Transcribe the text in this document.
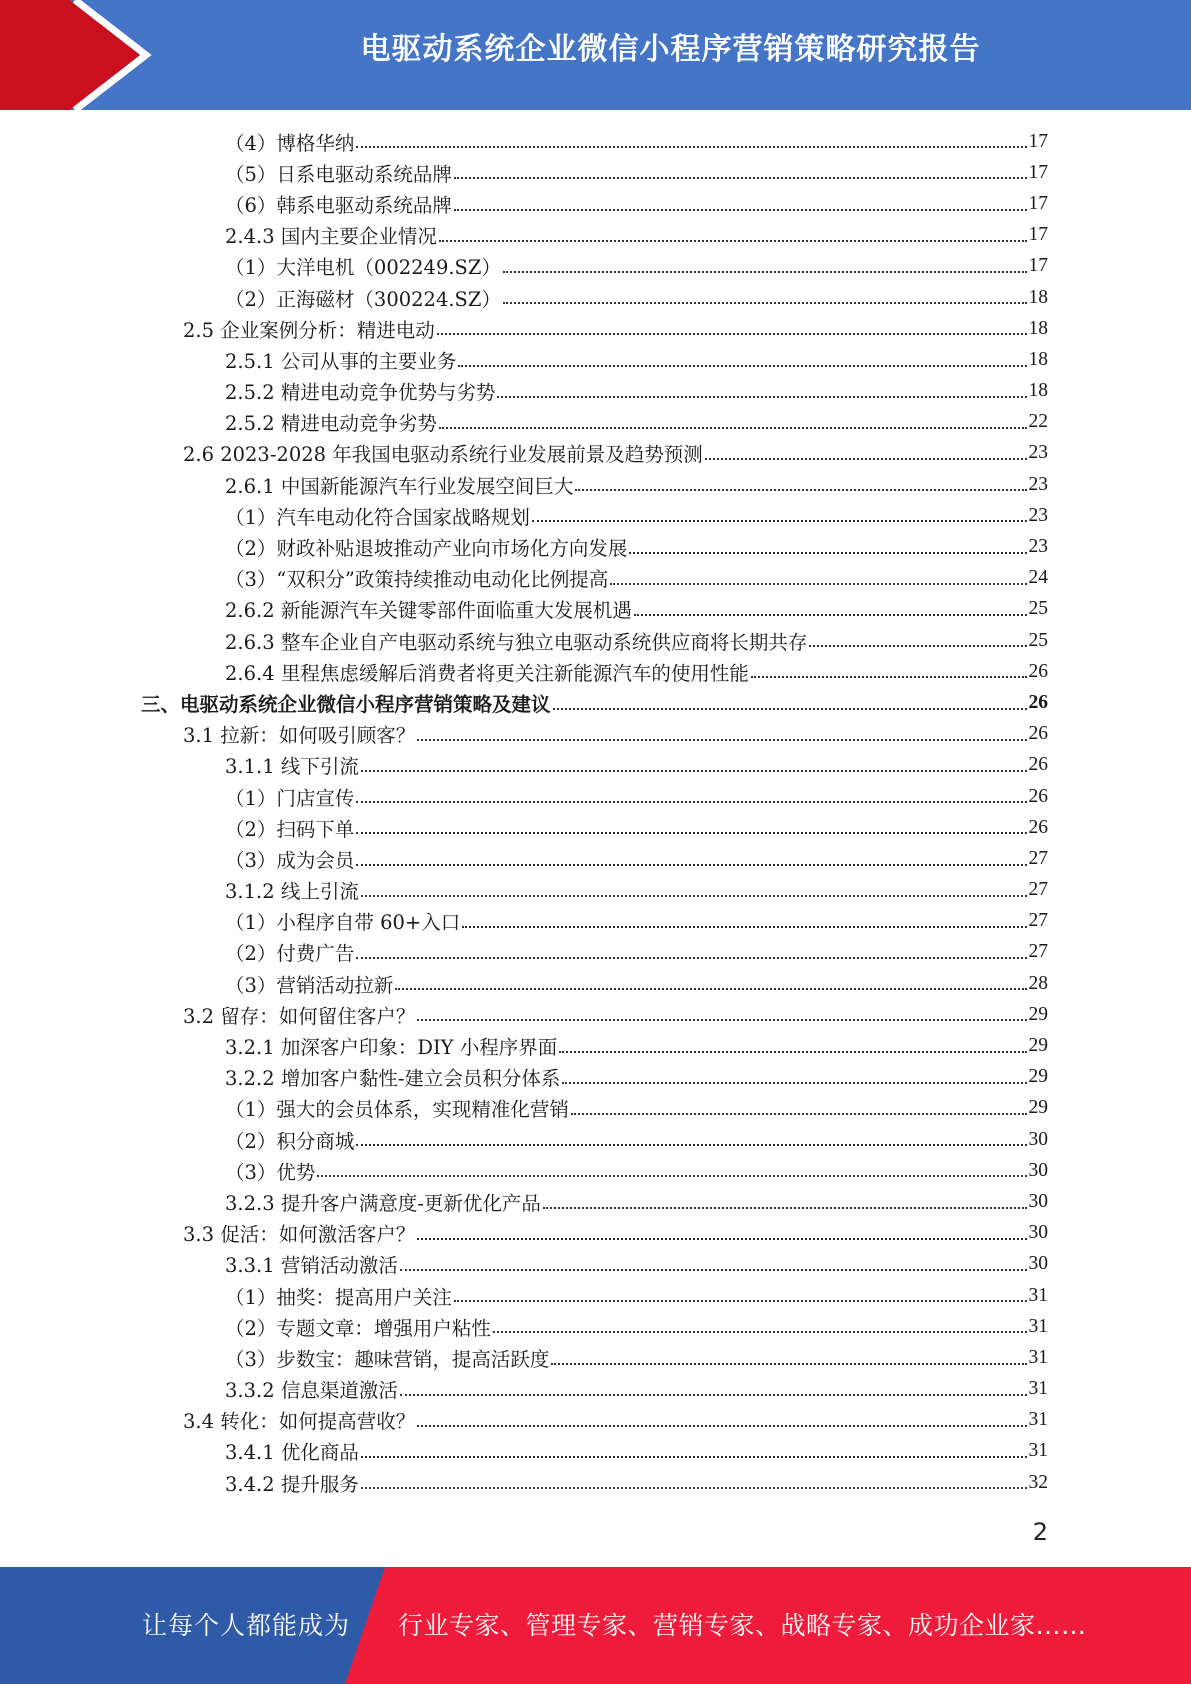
电驱动系统企业微信小程序营销策略研究报告
（4）博格华纳	17
（5）日系电驱动系统品牌	17
（6）韩系电驱动系统品牌	17
2.4.3 国内主要企业情况	17
（1）大洋电机（002249.SZ）	17
（2）正海磁材（300224.SZ）	18
2.5 企业案例分析：精进电动	18
2.5.1 公司从事的主要业务	18
2.5.2 精进电动竞争优势与劣势	18
2.5.2 精进电动竞争劣势	22
2.6 2023-2028 年我国电驱动系统行业发展前景及趋势预测	23
2.6.1 中国新能源汽车行业发展空间巨大	23
（1）汽车电动化符合国家战略规划	23
（2）财政补贴退坡推动产业向市场化方向发展	23
（3）“双积分”政策持续推动电动化比例提高	24
2.6.2 新能源汽车关键零部件面临重大发展机遇	25
2.6.3 整车企业自产电驱动系统与独立电驱动系统供应商将长期共存	25
2.6.4 里程焦虑缓解后消费者将更关注新能源汽车的使用性能	26
三、电驱动系统企业微信小程序营销策略及建议	26
3.1 拉新：如何吸引顾客？	26
3.1.1 线下引流	26
（1）门店宣传	26
（2）扫码下单	26
（3）成为会员	27
3.1.2 线上引流	27
（1）小程序自带 60+入口	27
（2）付费广告	27
（3）营销活动拉新	28
3.2 留存：如何留住客户？	29
3.2.1 加深客户印象：DIY 小程序界面	29
3.2.2 增加客户黏性-建立会员积分体系	29
（1）强大的会员体系，实现精准化营销	29
（2）积分商城	30
（3）优势	30
3.2.3 提升客户满意度-更新优化产品	30
3.3 促活：如何激活客户？	30
3.3.1 营销活动激活	30
（1）抽奖：提高用户关注	31
（2）专题文章：增强用户粘性	31
（3）步数宝：趣味营销，提高活跃度	31
3.3.2 信息渠道激活	31
3.4 转化：如何提高营收？	31
3.4.1 优化商品	31
3.4.2 提升服务	32
2
让每个人都能成为 行业专家、管理专家、营销专家、战略专家、成功企业家……
